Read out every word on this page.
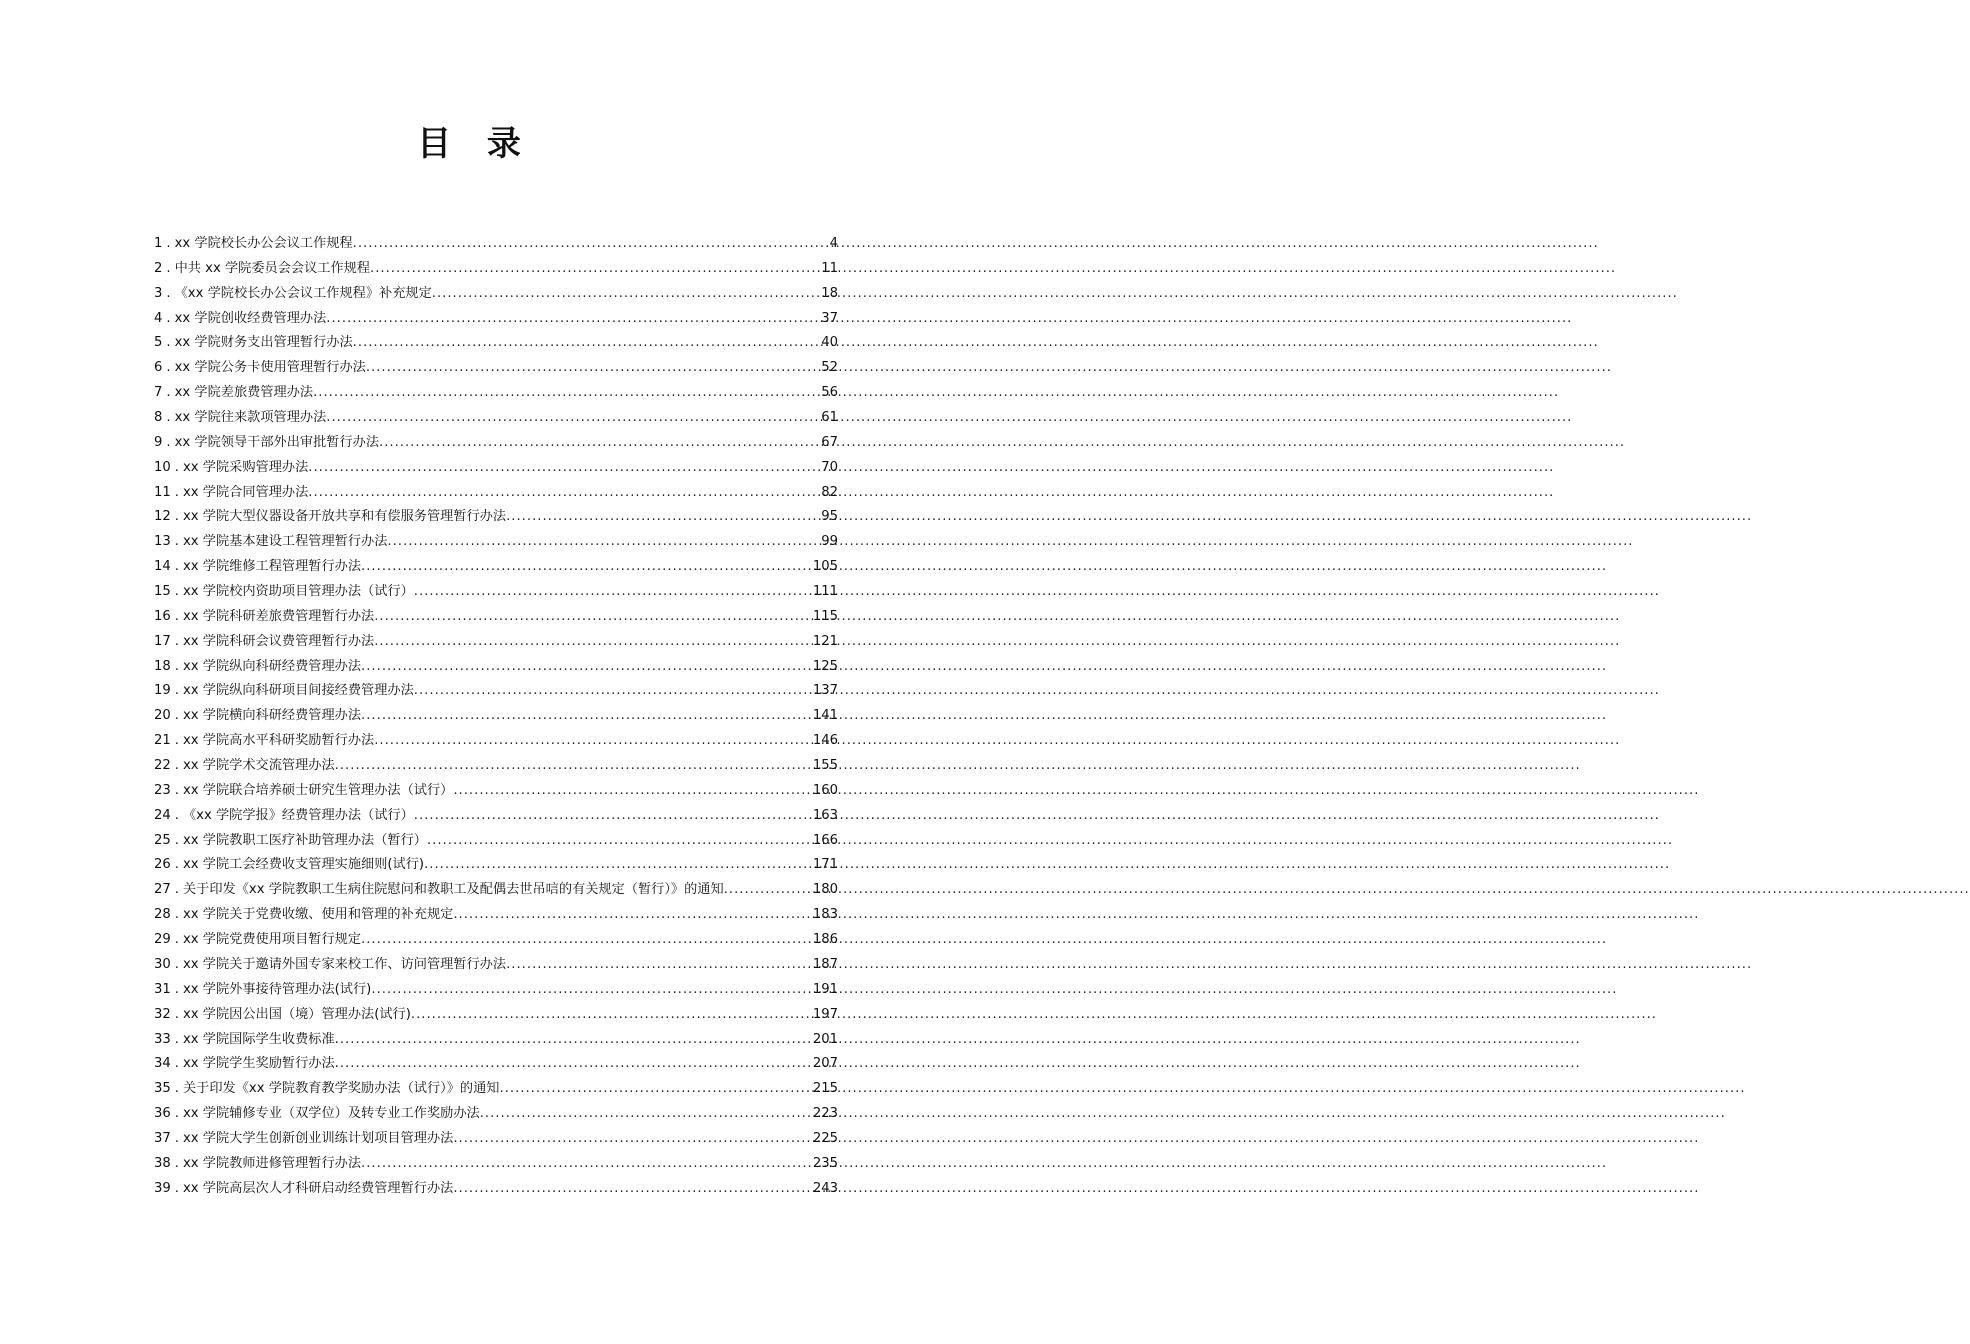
目 录
1 . xx 学院校长办公会议工作规程 .....	4
2 . 中共 xx 学院委员会会议工作规程 .....	11
3 . 《xx 学院校长办公会议工作规程》补充规定 .....	18
4 . xx 学院创收经费管理办法 .....	37
5 . xx 学院财务支出管理暂行办法 .....	40
6 . xx 学院公务卡使用管理暂行办法 .....	52
7 . xx 学院差旅费管理办法 .....	56
8 . xx 学院往来款项管理办法 .....	61
9 . xx 学院领导干部外出审批暂行办法 .....	67
10 . xx 学院采购管理办法 .....	70
11 . xx 学院合同管理办法 .....	82
12 . xx 学院大型仪器设备开放共享和有偿服务管理暂行办法 .....	95
13 . xx 学院基本建设工程管理暂行办法 .....	99
14 . xx 学院维修工程管理暂行办法 .....	105
15 . xx 学院校内资助项目管理办法（试行） .....	111
16 . xx 学院科研差旅费管理暂行办法 .....	115
17 . xx 学院科研会议费管理暂行办法 .....	121
18 . xx 学院纵向科研经费管理办法 .....	125
19 . xx 学院纵向科研项目间接经费管理办法 .....	137
20 . xx 学院横向科研经费管理办法 .....	141
21 . xx 学院高水平科研奖励暂行办法 .....	146
22 . xx 学院学术交流管理办法 .....	155
23 . xx 学院联合培养硕士研究生管理办法（试行） .....	160
24 . 《xx 学院学报》经费管理办法（试行） .....	163
25 . xx 学院教职工医疗补助管理办法（暂行） .....	166
26 . xx 学院工会经费收支管理实施细则(试行) .....	171
27 . 关于印发《xx 学院教职工生病住院慰问和教职工及配偶去世吊唁的有关规定（暂行）》的通知 .....	180
28 . xx 学院关于党费收缴、使用和管理的补充规定 .....	183
29 . xx 学院党费使用项目暂行规定 .....	186
30 . xx 学院关于邀请外国专家来校工作、访问管理暂行办法 .....	187
31 . xx 学院外事接待管理办法(试行) .....	191
32 . xx 学院因公出国（境）管理办法(试行) .....	197
33 . xx 学院国际学生收费标准 .....	201
34 . xx 学院学生奖励暂行办法 .....	207
35 . 关于印发《xx 学院教育教学奖励办法（试行）》的通知 .....	215
36 . xx 学院辅修专业（双学位）及转专业工作奖励办法 .....	223
37 . xx 学院大学生创新创业训练计划项目管理办法 .....	225
38 . xx 学院教师进修管理暂行办法 .....	235
39 . xx 学院高层次人才科研启动经费管理暂行办法 .....	243
